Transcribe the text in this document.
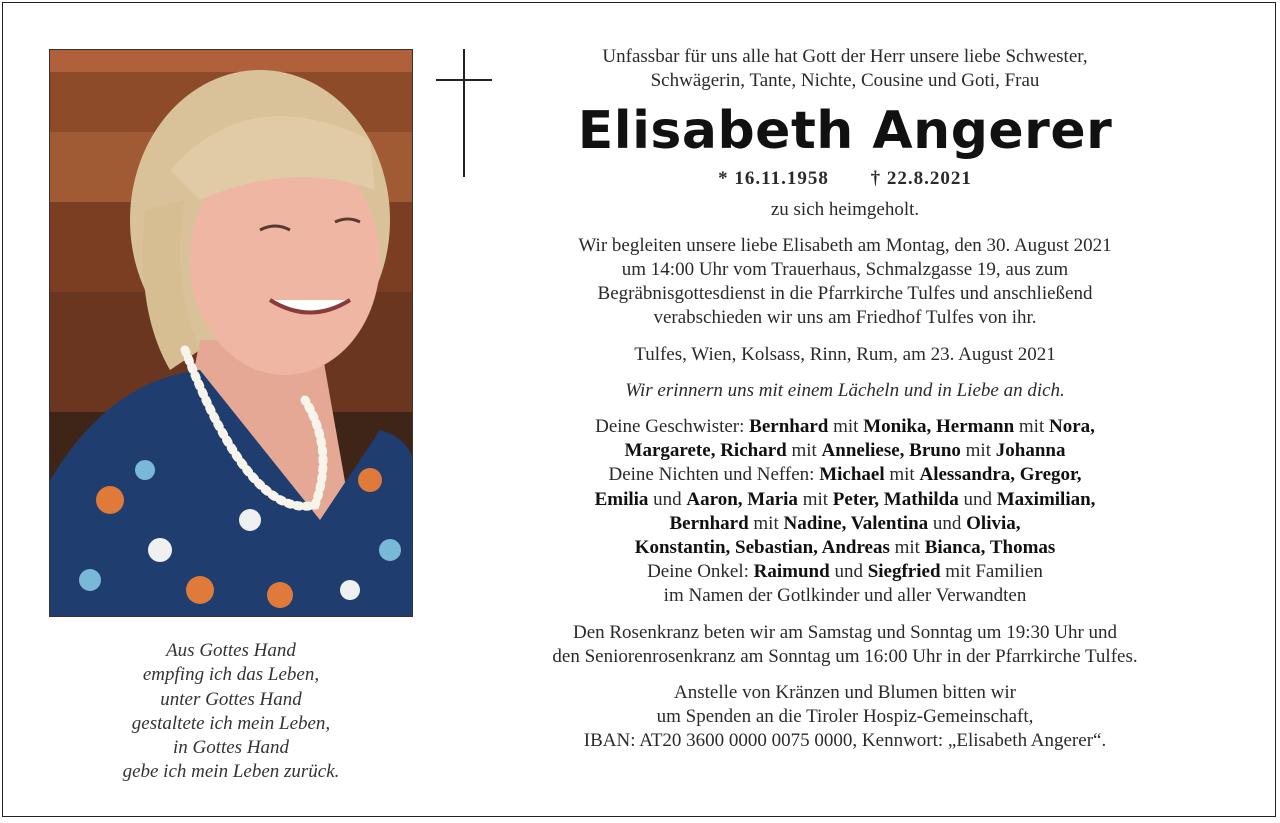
Aus Gottes Hand
empfing ich das Leben,
unter Gottes Hand
gestaltete ich mein Leben,
in Gottes Hand
gebe ich mein Leben zurück.
Unfassbar für uns alle hat Gott der Herr unsere liebe Schwester,
Schwägerin, Tante, Nichte, Cousine und Goti, Frau
Elisabeth Angerer
* 16.11.1958 † 22.8.2021
zu sich heimgeholt.
Wir begleiten unsere liebe Elisabeth am Montag, den 30. August 2021
um 14:00 Uhr vom Trauerhaus, Schmalzgasse 19, aus zum
Begräbnisgottesdienst in die Pfarrkirche Tulfes und anschließend
verabschieden wir uns am Friedhof Tulfes von ihr.
Tulfes, Wien, Kolsass, Rinn, Rum, am 23. August 2021
Wir erinnern uns mit einem Lächeln und in Liebe an dich.
Deine Geschwister: Bernhard mit Monika, Hermann mit Nora,
Margarete, Richard mit Anneliese, Bruno mit Johanna
Deine Nichten und Neffen: Michael mit Alessandra, Gregor,
Emilia und Aaron, Maria mit Peter, Mathilda und Maximilian,
Bernhard mit Nadine, Valentina und Olivia,
Konstantin, Sebastian, Andreas mit Bianca, Thomas
Deine Onkel: Raimund und Siegfried mit Familien
im Namen der Gotlkinder und aller Verwandten
Den Rosenkranz beten wir am Samstag und Sonntag um 19:30 Uhr und
den Seniorenrosenkranz am Sonntag um 16:00 Uhr in der Pfarrkirche Tulfes.
Anstelle von Kränzen und Blumen bitten wir
um Spenden an die Tiroler Hospiz-Gemeinschaft,
IBAN: AT20 3600 0000 0075 0000, Kennwort: „Elisabeth Angerer“.
